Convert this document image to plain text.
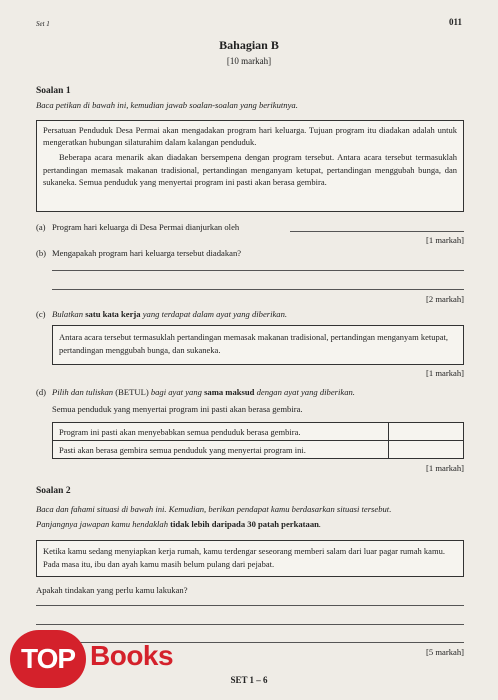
Set 1	011
Bahagian B
[10 markah]
Soalan 1
Baca petikan di bawah ini, kemudian jawab soalan-soalan yang berikutnya.

Persatuan Penduduk Desa Permai akan mengadakan program hari keluarga. Tujuan program itu diadakan adalah untuk mengeratkan hubungan silaturahim dalam kalangan penduduk.

Beberapa acara menarik akan diadakan bersempena dengan program tersebut. Antara acara tersebut termasuklah pertandingan memasak makanan tradisional, pertandingan menganyam ketupat, pertandingan menggubah bunga, dan sukaneka. Semua penduduk yang menyertai program ini pasti akan berasa gembira.

(a) Program hari keluarga di Desa Permai dianjurkan oleh
[1 markah]
(b) Mengapakah program hari keluarga tersebut diadakan?
[2 markah]
(c) Bulatkan satu kata kerja yang terdapat dalam ayat yang diberikan.
Antara acara tersebut termasuklah pertandingan memasak makanan tradisional, pertandingan menganyam ketupat, pertandingan menggubah bunga, dan sukaneka.
[1 markah]
(d) Pilih dan tuliskan (BETUL) bagi ayat yang sama maksud dengan ayat yang diberikan.
Semua penduduk yang menyertai program ini pasti akan berasa gembira.
Program ini pasti akan menyebabkan semua penduduk berasa gembira.	
Pasti akan berasa gembira semua penduduk yang menyertai program ini.	
[1 markah]
Soalan 2
Baca dan fahami situasi di bawah ini. Kemudian, berikan pendapat kamu berdasarkan situasi tersebut.
Panjangnya jawapan kamu hendaklah tidak lebih daripada 30 patah perkataan.
Ketika kamu sedang menyiapkan kerja rumah, kamu terdengar seseorang memberi salam dari luar pagar rumah kamu. Pada masa itu, ibu dan ayah kamu masih belum pulang dari pejabat.
Apakah tindakan yang perlu kamu lakukan?
[5 markah]
SET 1 – 6
TOP Books
